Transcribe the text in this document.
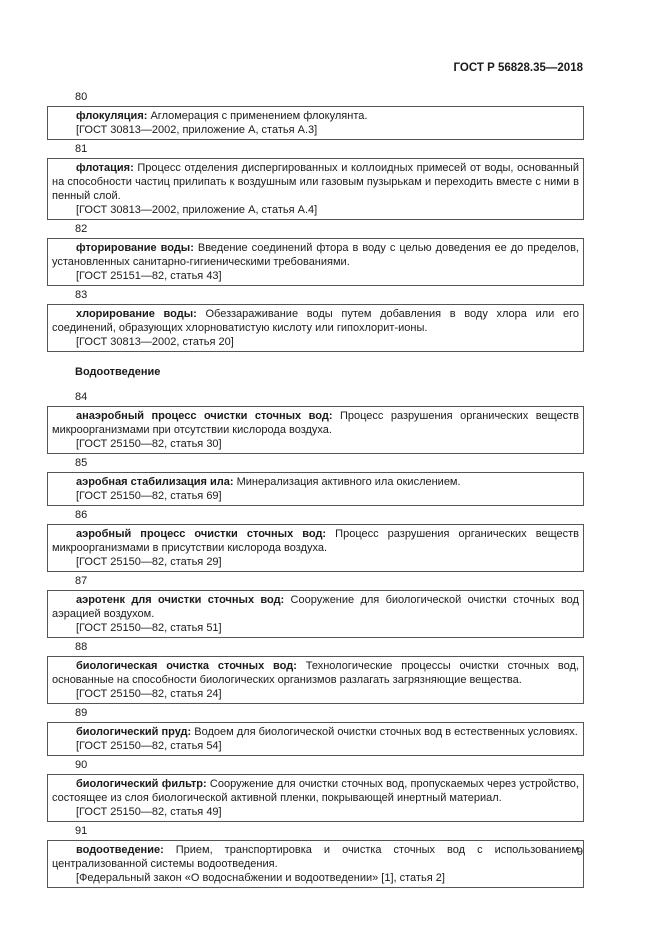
ГОСТ Р 56828.35—2018
80

флокуляция: Агломерация с применением флокулянта.

[ГОСТ 30813—2002, приложение А, статья А.3]

81

флотация: Процесс отделения диспергированных и коллоидных примесей от воды, основанный на способности частиц прилипать к воздушным или газовым пузырькам и переходить вместе с ними в пенный слой.

[ГОСТ 30813—2002, приложение А, статья А.4]

82

фторирование воды: Введение соединений фтора в воду с целью доведения ее до пределов, установленных санитарно-гигиеническими требованиями.

[ГОСТ 25151—82, статья 43]

83

хлорирование воды: Обеззараживание воды путем добавления в воду хлора или его соединений, образующих хлорноватистую кислоту или гипохлорит-ионы.

[ГОСТ 30813—2002, статья 20]

Водоотведение
84

анаэробный процесс очистки сточных вод: Процесс разрушения органических веществ микроорганизмами при отсутствии кислорода воздуха.

[ГОСТ 25150—82, статья 30]

85

аэробная стабилизация ила: Минерализация активного ила окислением.

[ГОСТ 25150—82, статья 69]

86

аэробный процесс очистки сточных вод: Процесс разрушения органических веществ микроорганизмами в присутствии кислорода воздуха.

[ГОСТ 25150—82, статья 29]

87

аэротенк для очистки сточных вод: Сооружение для биологической очистки сточных вод аэрацией воздухом.

[ГОСТ 25150—82, статья 51]

88

биологическая очистка сточных вод: Технологические процессы очистки сточных вод, основанные на способности биологических организмов разлагать загрязняющие вещества.

[ГОСТ 25150—82, статья 24]

89

биологический пруд: Водоем для биологической очистки сточных вод в естественных условиях.

[ГОСТ 25150—82, статья 54]

90

биологический фильтр: Сооружение для очистки сточных вод, пропускаемых через устройство, состоящее из слоя биологической активной пленки, покрывающей инертный материал.

[ГОСТ 25150—82, статья 49]

91

водоотведение: Прием, транспортировка и очистка сточных вод с использованием централизованной системы водоотведения.

[Федеральный закон «О водоснабжении и водоотведении» [1], статья 2]

9
